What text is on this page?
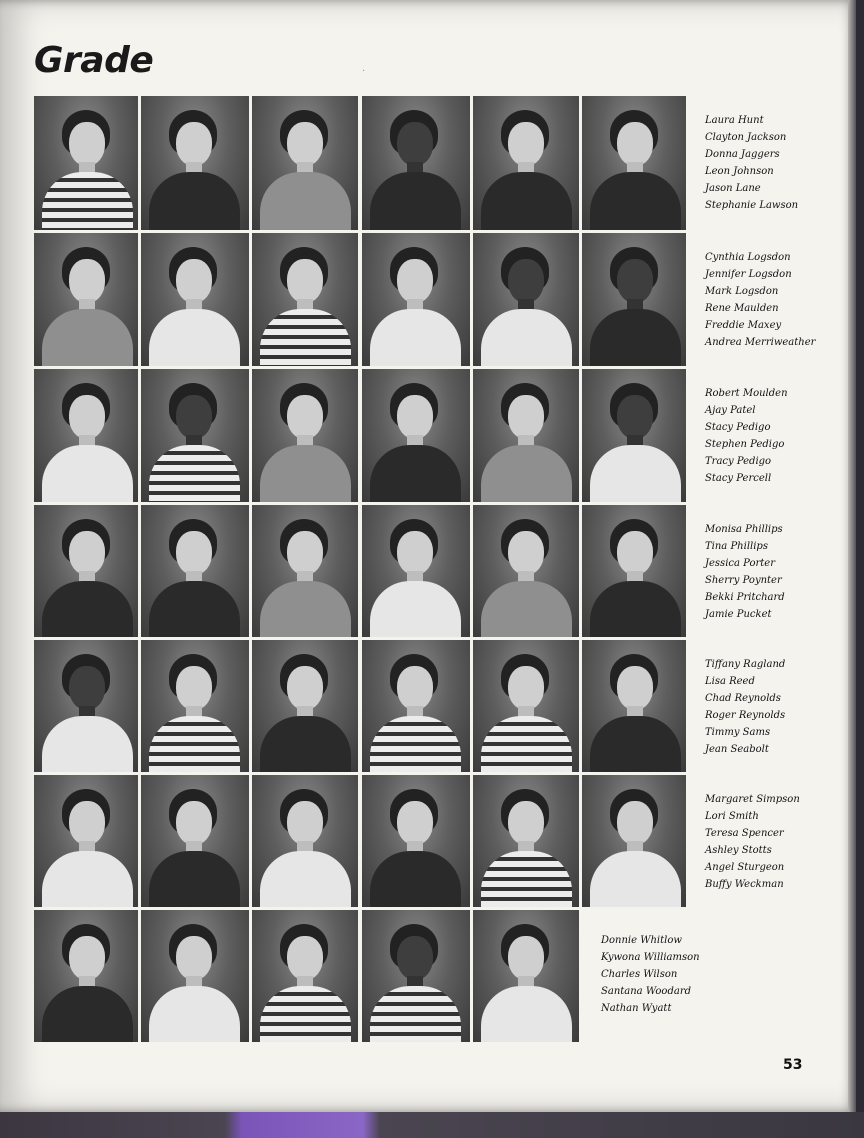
Grade	·
Laura Hunt
Clayton Jackson
Donna Jaggers
Leon Johnson
Jason Lane
Stephanie Lawson
Cynthia Logsdon
Jennifer Logsdon
Mark Logsdon
Rene Maulden
Freddie Maxey
Andrea Merriweather
Robert Moulden
Ajay Patel
Stacy Pedigo
Stephen Pedigo
Tracy Pedigo
Stacy Percell
Monisa Phillips
Tina Phillips
Jessica Porter
Sherry Poynter
Bekki Pritchard
Jamie Pucket
Tiffany Ragland
Lisa Reed
Chad Reynolds
Roger Reynolds
Timmy Sams
Jean Seabolt
Margaret Simpson
Lori Smith
Teresa Spencer
Ashley Stotts
Angel Sturgeon
Buffy Weckman
Donnie Whitlow
Kywona Williamson
Charles Wilson
Santana Woodard
Nathan Wyatt
53
